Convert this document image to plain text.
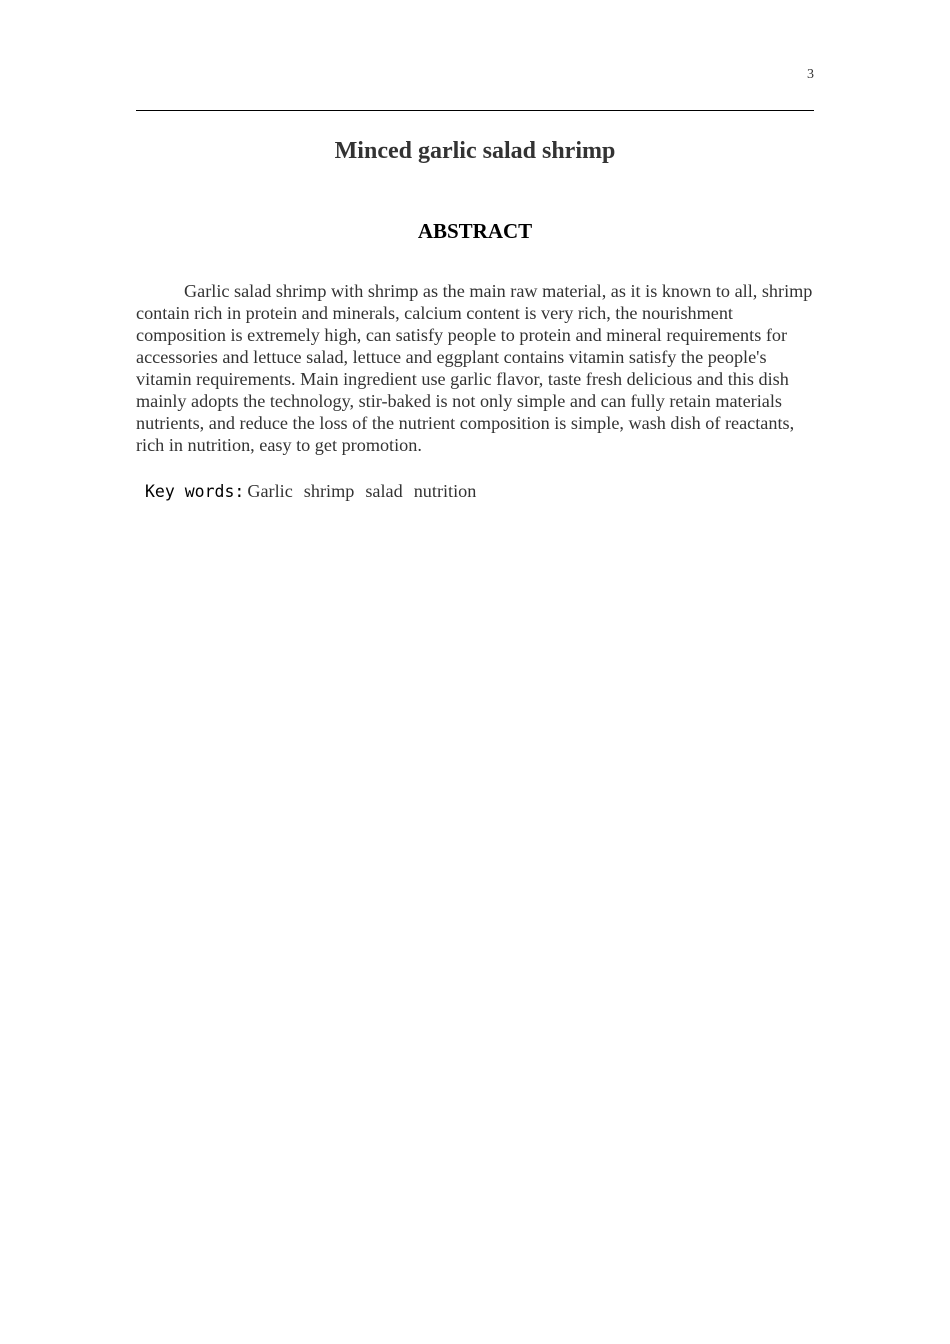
3
Minced garlic salad shrimp
ABSTRACT

Garlic salad shrimp with shrimp as the main raw material, as it is known to all, shrimp contain rich in protein and minerals, calcium content is very rich, the nourishment composition is extremely high, can satisfy people to protein and mineral requirements for accessories and lettuce salad, lettuce and eggplant contains vitamin satisfy the people's vitamin requirements. Main ingredient use garlic flavor, taste fresh delicious and this dish mainly adopts the technology, stir-baked is not only simple and can fully retain materials nutrients, and reduce the loss of the nutrient composition is simple, wash dish of reactants, rich in nutrition, easy to get promotion.

Key words: Garlic shrimp salad nutrition
